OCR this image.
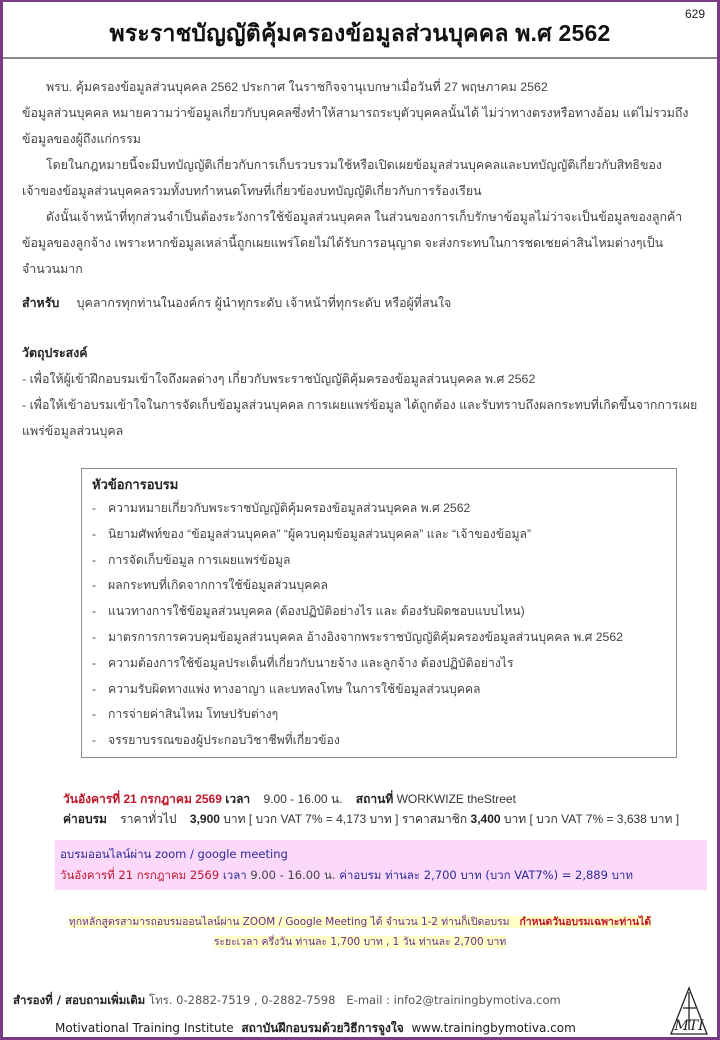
629
พระราชบัญญัติคุ้มครองข้อมูลส่วนบุคคล พ.ศ 2562

พรบ. คุ้มครองข้อมูลส่วนบุคคล 2562 ประกาศ ในราชกิจจานุเบกษาเมื่อวันที่ 27 พฤษภาคม 2562

ข้อมูลส่วนบุคคล หมายความว่าข้อมูลเกี่ยวกับบุคคลซึ่งทำให้สามารถระบุตัวบุคคลนั้นได้ ไม่ว่าทางตรงหรือทางอ้อม แต่ไม่รวมถึงข้อมูลของผู้ถึงแก่กรรม

โดยในกฎหมายนี้จะมีบทบัญญัติเกี่ยวกับการเก็บรวบรวมใช้หรือเปิดเผยข้อมูลส่วนบุคคลและบทบัญญัติเกี่ยวกับสิทธิของเจ้าของข้อมูลส่วนบุคคลรวมทั้งบทกำหนดโทษที่เกี่ยวข้องบทบัญญัติเกี่ยวกับการร้องเรียน

ดังนั้นเจ้าหน้าที่ทุกส่วนจำเป็นต้องระวังการใช้ข้อมูลส่วนบุคคล ในส่วนของการเก็บรักษาข้อมูลไม่ว่าจะเป็นข้อมูลของลูกค้า ข้อมูลของลูกจ้าง เพราะหากข้อมูลเหล่านี้ถูกเผยแพร่โดยไม่ได้รับการอนุญาต จะส่งกระทบในการชดเชยค่าสินไหมต่างๆเป็นจำนวนมาก

สำหรับ บุคลากรทุกท่านในองค์กร ผู้นำทุกระดับ เจ้าหน้าที่ทุกระดับ หรือผู้ที่สนใจ
วัตถุประสงค์
- เพื่อให้ผู้เข้าฝึกอบรมเข้าใจถึงผลต่างๆ เกี่ยวกับพระราชบัญญัติคุ้มครองข้อมูลส่วนบุคคล พ.ศ 2562
- เพื่อให้เข้าอบรมเข้าใจในการจัดเก็บข้อมูลส่วนบุคคล การเผยแพร่ข้อมูล ได้ถูกต้อง และรับทราบถึงผลกระทบที่เกิดขึ้นจากการเผยแพร่ข้อมูลส่วนบุคล
หัวข้อการอบรม
- ความหมายเกี่ยวกับพระราชบัญญัติคุ้มครองข้อมูลส่วนบุคคล พ.ศ 2562
- นิยามศัพท์ของ “ข้อมูลส่วนบุคคล” “ผู้ควบคุมข้อมูลส่วนบุคคล” และ “เจ้าของข้อมูล”
- การจัดเก็บข้อมูล การเผยแพร่ข้อมูล
- ผลกระทบที่เกิดจากการใช้ข้อมูลส่วนบุคคล
- แนวทางการใช้ข้อมูลส่วนบุคคล (ต้องปฏิบัติอย่างไร และ ต้องรับผิดชอบแบบไหน)
- มาตรการการควบคุมข้อมูลส่วนบุคคล อ้างอิงจากพระราชบัญญัติคุ้มครองข้อมูลส่วนบุคคล พ.ศ 2562
- ความต้องการใช้ข้อมูลประเด็นที่เกี่ยวกับนายจ้าง และลูกจ้าง ต้องปฏิบัติอย่างไร
- ความรับผิดทางแพ่ง ทางอาญา และบทลงโทษ ในการใช้ข้อมูลส่วนบุคคล
- การจ่ายค่าสินไหม โทษปรับต่างๆ
- จรรยาบรรณของผู้ประกอบวิชาชีพที่เกี่ยวข้อง
วันอังคารที่ 21 กรกฎาคม 2569 เวลา 9.00 - 16.00 น. สถานที่ WORKWIZE theStreet
ค่าอบรม ราคาทั่วไป 3,900 บาท [ บวก VAT 7% = 4,173 บาท ] ราคาสมาชิก 3,400 บาท [ บวก VAT 7% = 3,638 บาท ]
อบรมออนไลน์ผ่าน zoom / google meeting
วันอังคารที่ 21 กรกฎาคม 2569 เวลา 9.00 - 16.00 น. ค่าอบรม ท่านละ 2,700 บาท (บวก VAT7%) = 2,889 บาท
ทุกหลักสูตรสามารถอบรมออนไลน์ผ่าน ZOOM / Google Meeting ได้ จำนวน 1-2 ท่านก็เปิดอบรม กำหนดวันอบรมเฉพาะท่านได้
ระยะเวลา ครึ่งวัน ท่านละ 1,700 บาท , 1 วัน ท่านละ 2,700 บาท
สำรองที่ / สอบถามเพิ่มเติม โทร. 0-2882-7519 , 0-2882-7598 E-mail : info2@trainingbymotiva.com
Motivational Training Institute สถาบันฝึกอบรมด้วยวิธีการจูงใจ www.trainingbymotiva.com	MTI
